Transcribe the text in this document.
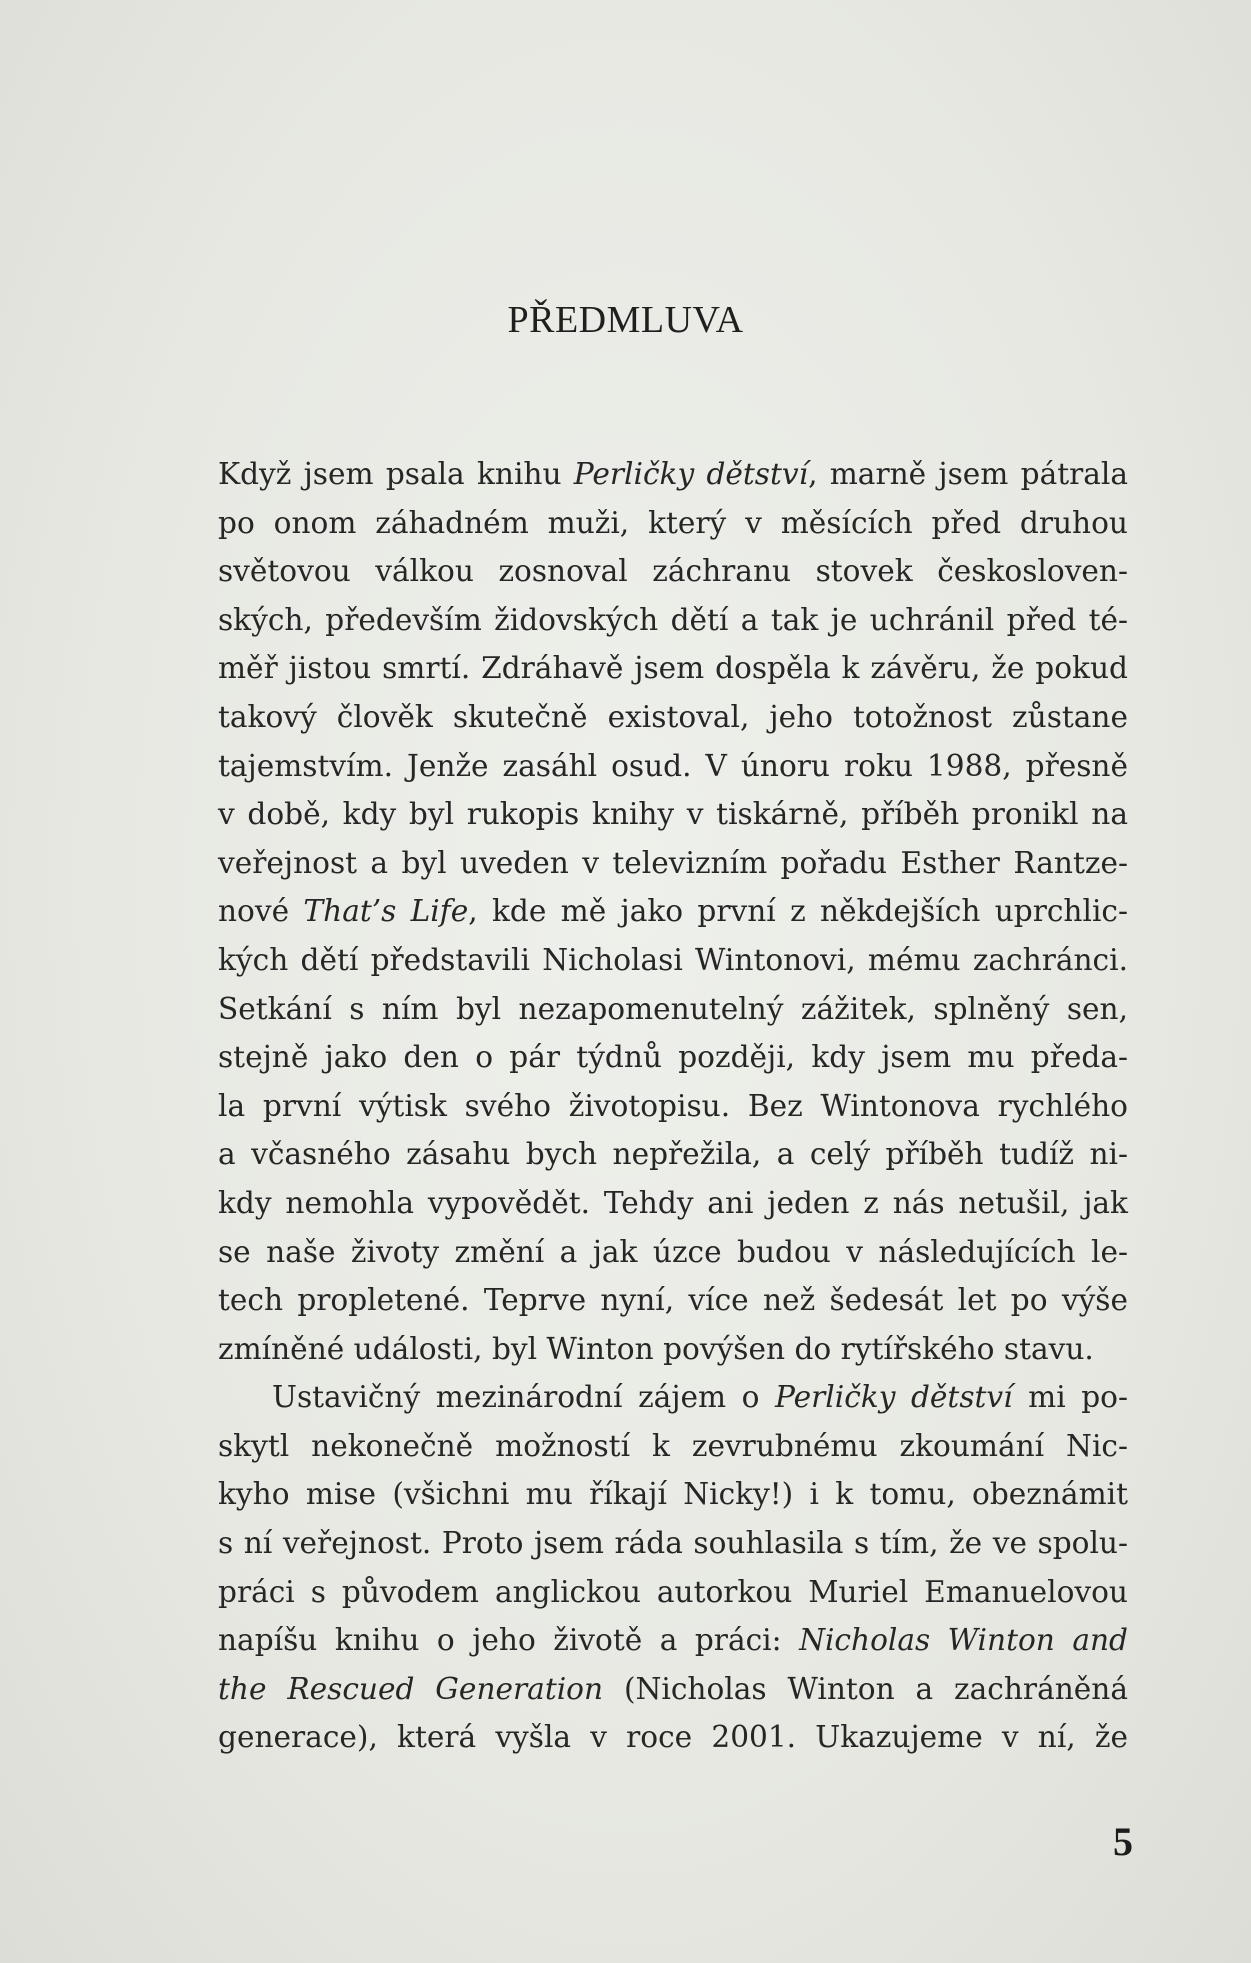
PŘEDMLUVA
Když jsem psala knihu Perličky dětství, marně jsem pátrala
po onom záhadném muži, který v měsících před druhou
světovou válkou zosnoval záchranu stovek českosloven-
ských, především židovských dětí a tak je uchránil před té-
měř jistou smrtí. Zdráhavě jsem dospěla k závěru, že pokud
takový člověk skutečně existoval, jeho totožnost zůstane
tajemstvím. Jenže zasáhl osud. V únoru roku 1988, přesně
v době, kdy byl rukopis knihy v tiskárně, příběh pronikl na
veřejnost a byl uveden v televizním pořadu Esther Rantze-
nové That’s Life, kde mě jako první z někdejších uprchlic-
kých dětí představili Nicholasi Wintonovi, mému zachránci.
Setkání s ním byl nezapomenutelný zážitek, splněný sen,
stejně jako den o pár týdnů později, kdy jsem mu předa-
la první výtisk svého životopisu. Bez Wintonova rychlého
a včasného zásahu bych nepřežila, a celý příběh tudíž ni-
kdy nemohla vypovědět. Tehdy ani jeden z nás netušil, jak
se naše životy změní a jak úzce budou v následujících le-
tech propletené. Teprve nyní, více než šedesát let po výše
zmíněné události, byl Winton povýšen do rytířského stavu.
Ustavičný mezinárodní zájem o Perličky dětství mi po-
skytl nekonečně možností k zevrubnému zkoumání Nic-
kyho mise (všichni mu říkají Nicky!) i k tomu, obeznámit
s ní veřejnost. Proto jsem ráda souhlasila s tím, že ve spolu-
práci s původem anglickou autorkou Muriel Emanuelovou
napíšu knihu o jeho životě a práci: Nicholas Winton and
the Rescued Generation (Nicholas Winton a zachráněná
generace), která vyšla v roce 2001. Ukazujeme v ní, že
5
